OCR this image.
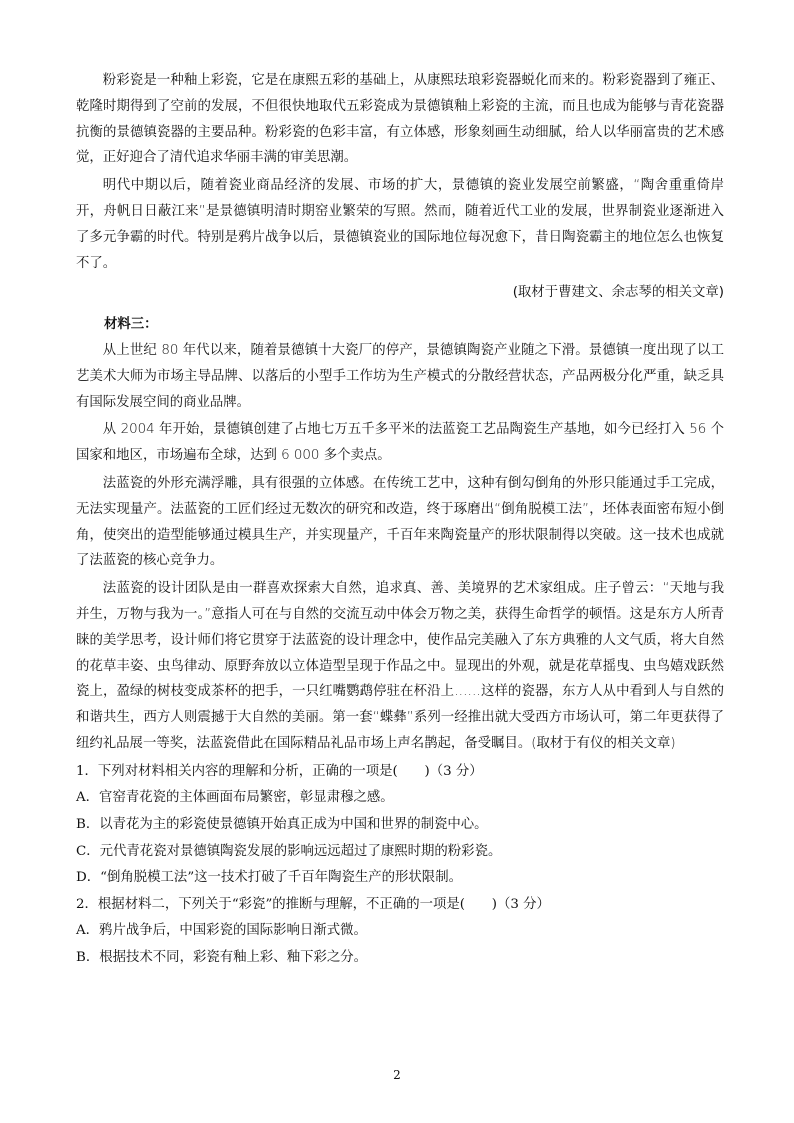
粉彩瓷是一种釉上彩瓷，它是在康熙五彩的基础上，从康熙珐琅彩瓷器蜕化而来的。粉彩瓷器到了雍正、乾隆时期得到了空前的发展，不但很快地取代五彩瓷成为景德镇釉上彩瓷的主流，而且也成为能够与青花瓷器抗衡的景德镇瓷器的主要品种。粉彩瓷的色彩丰富，有立体感，形象刻画生动细腻，给人以华丽富贵的艺术感觉，正好迎合了清代追求华丽丰满的审美思潮。

明代中期以后，随着瓷业商品经济的发展、市场的扩大，景德镇的瓷业发展空前繁盛，“陶舍重重倚岸开，舟帆日日蔽江来”是景德镇明清时期窑业繁荣的写照。然而，随着近代工业的发展，世界制瓷业逐渐进入了多元争霸的时代。特别是鸦片战争以后，景德镇瓷业的国际地位每况愈下，昔日陶瓷霸主的地位怎么也恢复不了。

(取材于曹建文、余志琴的相关文章)

材料三：

从上世纪 80 年代以来，随着景德镇十大瓷厂的停产，景德镇陶瓷产业随之下滑。景德镇一度出现了以工艺美术大师为市场主导品牌、以落后的小型手工作坊为生产模式的分散经营状态，产品两极分化严重，缺乏具有国际发展空间的商业品牌。

从 2004 年开始，景德镇创建了占地七万五千多平米的法蓝瓷工艺品陶瓷生产基地，如今已经打入 56 个国家和地区，市场遍布全球，达到 6 000 多个卖点。

法蓝瓷的外形充满浮雕，具有很强的立体感。在传统工艺中，这种有倒勾倒角的外形只能通过手工完成，无法实现量产。法蓝瓷的工匠们经过无数次的研究和改造，终于琢磨出“倒角脱模工法”，坯体表面密布短小倒角，使突出的造型能够通过模具生产，并实现量产，千百年来陶瓷量产的形状限制得以突破。这一技术也成就了法蓝瓷的核心竞争力。

法蓝瓷的设计团队是由一群喜欢探索大自然，追求真、善、美境界的艺术家组成。庄子曾云：“天地与我并生，万物与我为一。”意指人可在与自然的交流互动中体会万物之美，获得生命哲学的顿悟。这是东方人所青睐的美学思考，设计师们将它贯穿于法蓝瓷的设计理念中，使作品完美融入了东方典雅的人文气质，将大自然的花草丰姿、虫鸟律动、原野奔放以立体造型呈现于作品之中。显现出的外观，就是花草摇曳、虫鸟嬉戏跃然瓷上，盈绿的树枝变成茶杯的把手，一只红嘴鹦鹉停驻在杯沿上……这样的瓷器，东方人从中看到人与自然的和谐共生，西方人则震撼于大自然的美丽。第一套“蝶彝”系列一经推出就大受西方市场认可，第二年更获得了纽约礼品展一等奖，法蓝瓷借此在国际精品礼品市场上声名鹊起，备受瞩目。(取材于有仪的相关文章)

1．下列对材料相关内容的理解和分析，正确的一项是(　　)（3 分）

A．官窑青花瓷的主体画面布局繁密，彰显肃穆之感。

B．以青花为主的彩瓷使景德镇开始真正成为中国和世界的制瓷中心。

C．元代青花瓷对景德镇陶瓷发展的影响远远超过了康熙时期的粉彩瓷。

D．“倒角脱模工法”这一技术打破了千百年陶瓷生产的形状限制。

2．根据材料二，下列关于“彩瓷”的推断与理解，不正确的一项是(　　)（3 分）

A．鸦片战争后，中国彩瓷的国际影响日渐式微。

B．根据技术不同，彩瓷有釉上彩、釉下彩之分。

2
